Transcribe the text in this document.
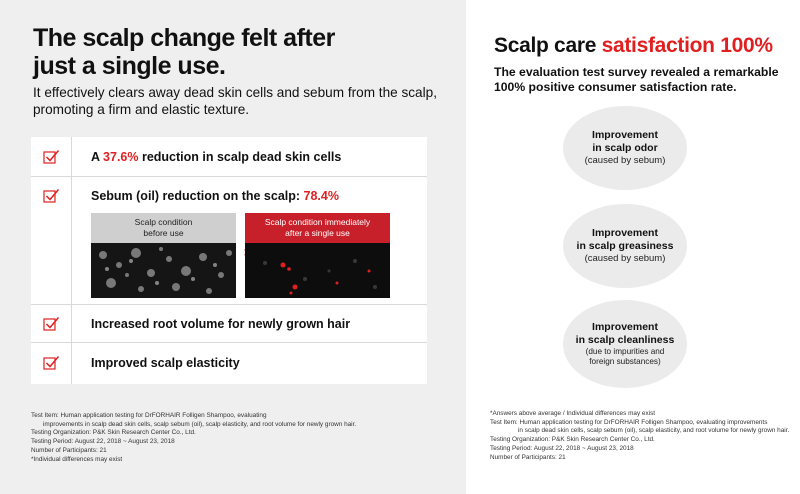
The scalp change felt after
just a single use.
It effectively clears away dead skin cells and sebum from the scalp, promoting a firm and elastic texture.
A 37.6% reduction in scalp dead skin cells
Sebum (oil) reduction on the scalp: 78.4%
Scalp condition
before use
Scalp condition immediately
after a single use
Increased root volume for newly grown hair
Improved scalp elasticity
Test Item: Human application testing for DrFORHAIR Folligen Shampoo, evaluating
improvements in scalp dead skin cells, scalp sebum (oil), scalp elasticity, and root volume for newly grown hair.
Testing Organization: P&K Skin Research Center Co., Ltd.
Testing Period: August 22, 2018 ~ August 23, 2018
Number of Participants: 21
*Individual differences may exist
Scalp care satisfaction 100%
The evaluation test survey revealed a remarkable 100% positive consumer satisfaction rate.
Improvement
in scalp odor
(caused by sebum)
Improvement
in scalp greasiness
(caused by sebum)
Improvement
in scalp cleanliness
(due to impurities and
foreign substances)
*Answers above average / Individual differences may exist
Test Item: Human application testing for DrFORHAIR Folligen Shampoo, evaluating improvements
in scalp dead skin cells, scalp sebum (oil), scalp elasticity, and root volume for newly grown hair.
Testing Organization: P&K Skin Research Center Co., Ltd.
Testing Period: August 22, 2018 ~ August 23, 2018
Number of Participants: 21
